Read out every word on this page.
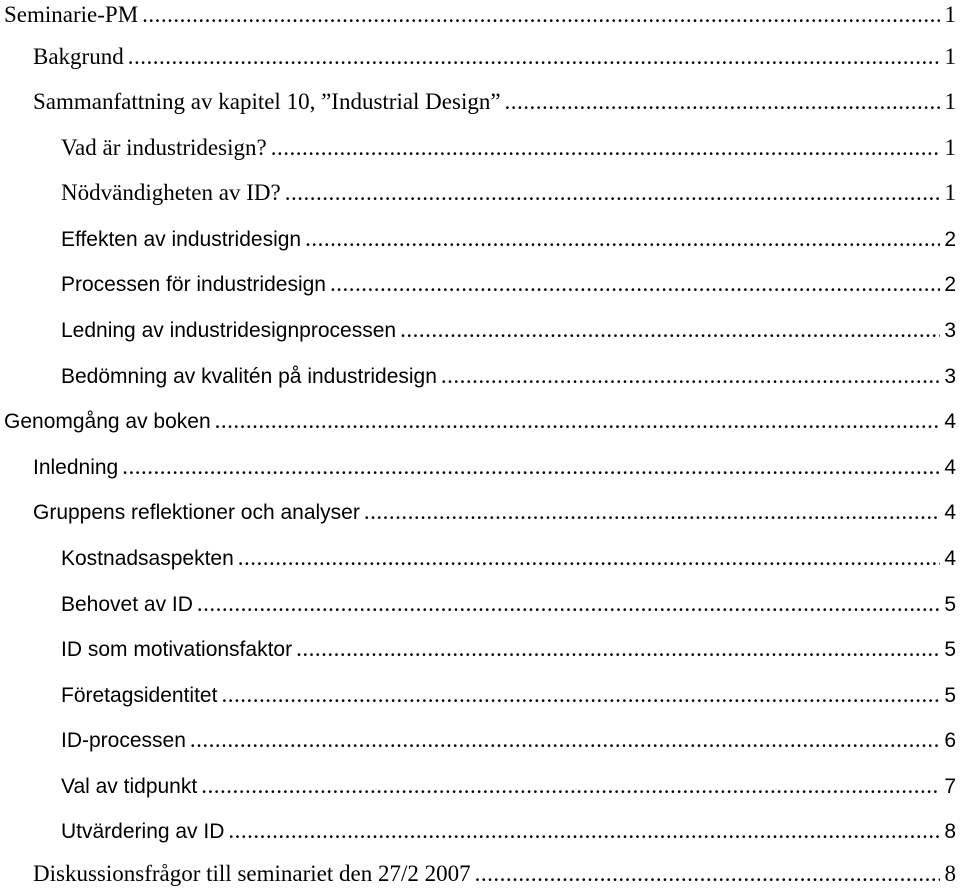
Seminarie-PM .....	1
Bakgrund .....	1
Sammanfattning av kapitel 10, ”Industrial Design” .....	1
Vad är industridesign? .....	1
Nödvändigheten av ID? .....	1
Effekten av industridesign .....	2
Processen för industridesign .....	2
Ledning av industridesignprocessen .....	3
Bedömning av kvalitén på industridesign .....	3
Genomgång av boken .....	4
Inledning .....	4
Gruppens reflektioner och analyser .....	4
Kostnadsaspekten .....	4
Behovet av ID .....	5
ID som motivationsfaktor .....	5
Företagsidentitet .....	5
ID-processen .....	6
Val av tidpunkt .....	7
Utvärdering av ID .....	8
Diskussionsfrågor till seminariet den 27/2 2007 .....	8
